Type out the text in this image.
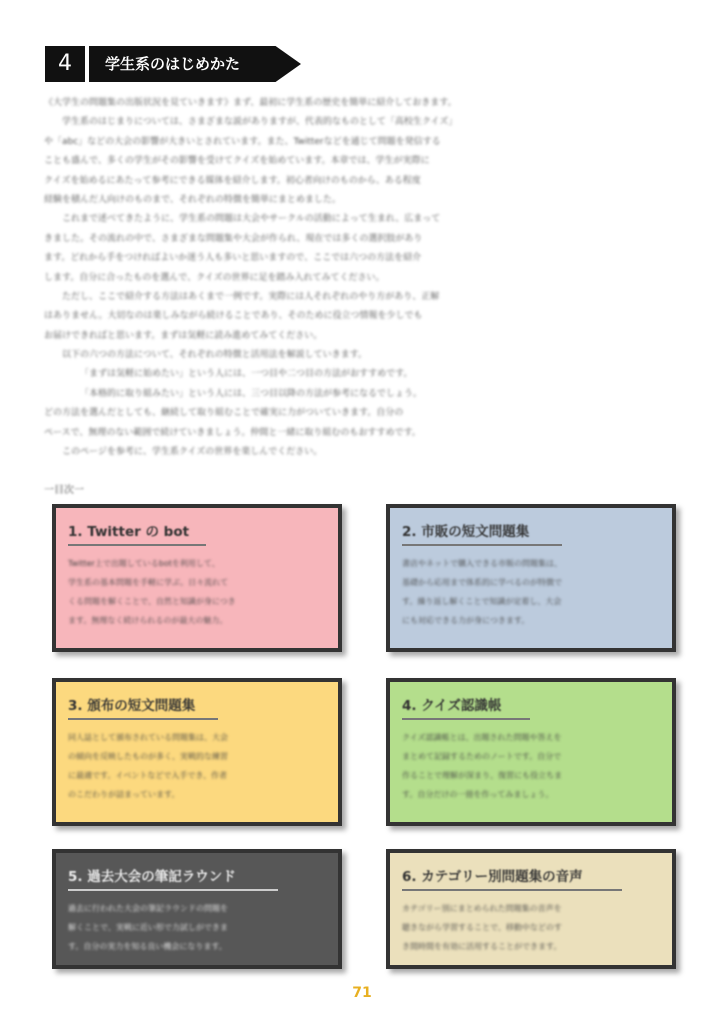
4	学生系のはじめかた

《大学生の問題集の出版状況を見ていきます》まず、最初に学生系の歴史を簡単に紹介しておきます。

学生系のはじまりについては、さまざまな説がありますが、代表的なものとして「高校生クイズ」

や「abc」などの大会の影響が大きいとされています。また、Twitterなどを通じて問題を発信する

ことも盛んで、多くの学生がその影響を受けてクイズを始めています。本章では、学生が実際に

クイズを始めるにあたって参考にできる媒体を紹介します。初心者向けのものから、ある程度

経験を積んだ人向けのものまで、それぞれの特徴を簡単にまとめました。

これまで述べてきたように、学生系の問題は大会やサークルの活動によって生まれ、広まって

きました。その流れの中で、さまざまな問題集や大会が作られ、現在では多くの選択肢があり

ます。どれから手をつければよいか迷う人も多いと思いますので、ここでは六つの方法を紹介

します。自分に合ったものを選んで、クイズの世界に足を踏み入れてみてください。

ただし、ここで紹介する方法はあくまで一例です。実際には人それぞれのやり方があり、正解

はありません。大切なのは楽しみながら続けることであり、そのために役立つ情報を少しでも

お届けできればと思います。まずは気軽に読み進めてみてください。

以下の六つの方法について、それぞれの特徴と活用法を解説していきます。

「まずは気軽に始めたい」という人には、一つ目や二つ目の方法がおすすめです。

「本格的に取り組みたい」という人には、三つ目以降の方法が参考になるでしょう。

どの方法を選んだとしても、継続して取り組むことで確実に力がついていきます。自分の

ペースで、無理のない範囲で続けていきましょう。仲間と一緒に取り組むのもおすすめです。

このページを参考に、学生系クイズの世界を楽しんでください。

一目次一
1. Twitter の bot

Twitter上で出題しているbotを利用して、

学生系の基本問題を手軽に学ぶ。日々流れて

くる問題を解くことで、自然と知識が身につき

ます。無理なく続けられるのが最大の魅力。

2. 市販の短文問題集

書店やネットで購入できる市販の問題集は、

基礎から応用まで体系的に学べるのが特徴で

す。繰り返し解くことで知識が定着し、大会

にも対応できる力が身につきます。

3. 頒布の短文問題集

同人誌として頒布されている問題集は、大会

の傾向を反映したものが多く、実戦的な練習

に最適です。イベントなどで入手でき、作者

のこだわりが詰まっています。

4. クイズ認識帳

クイズ認識帳とは、出題された問題や答えを

まとめて記録するためのノートです。自分で

作ることで理解が深まり、復習にも役立ちま

す。自分だけの一冊を作ってみましょう。

5. 過去大会の筆記ラウンド

過去に行われた大会の筆記ラウンドの問題を

解くことで、実戦に近い形で力試しができま

す。自分の実力を知る良い機会になります。

6. カテゴリー別問題集の音声

カテゴリー別にまとめられた問題集の音声を

聴きながら学習することで、移動中などのす

き間時間を有効に活用することができます。

71
